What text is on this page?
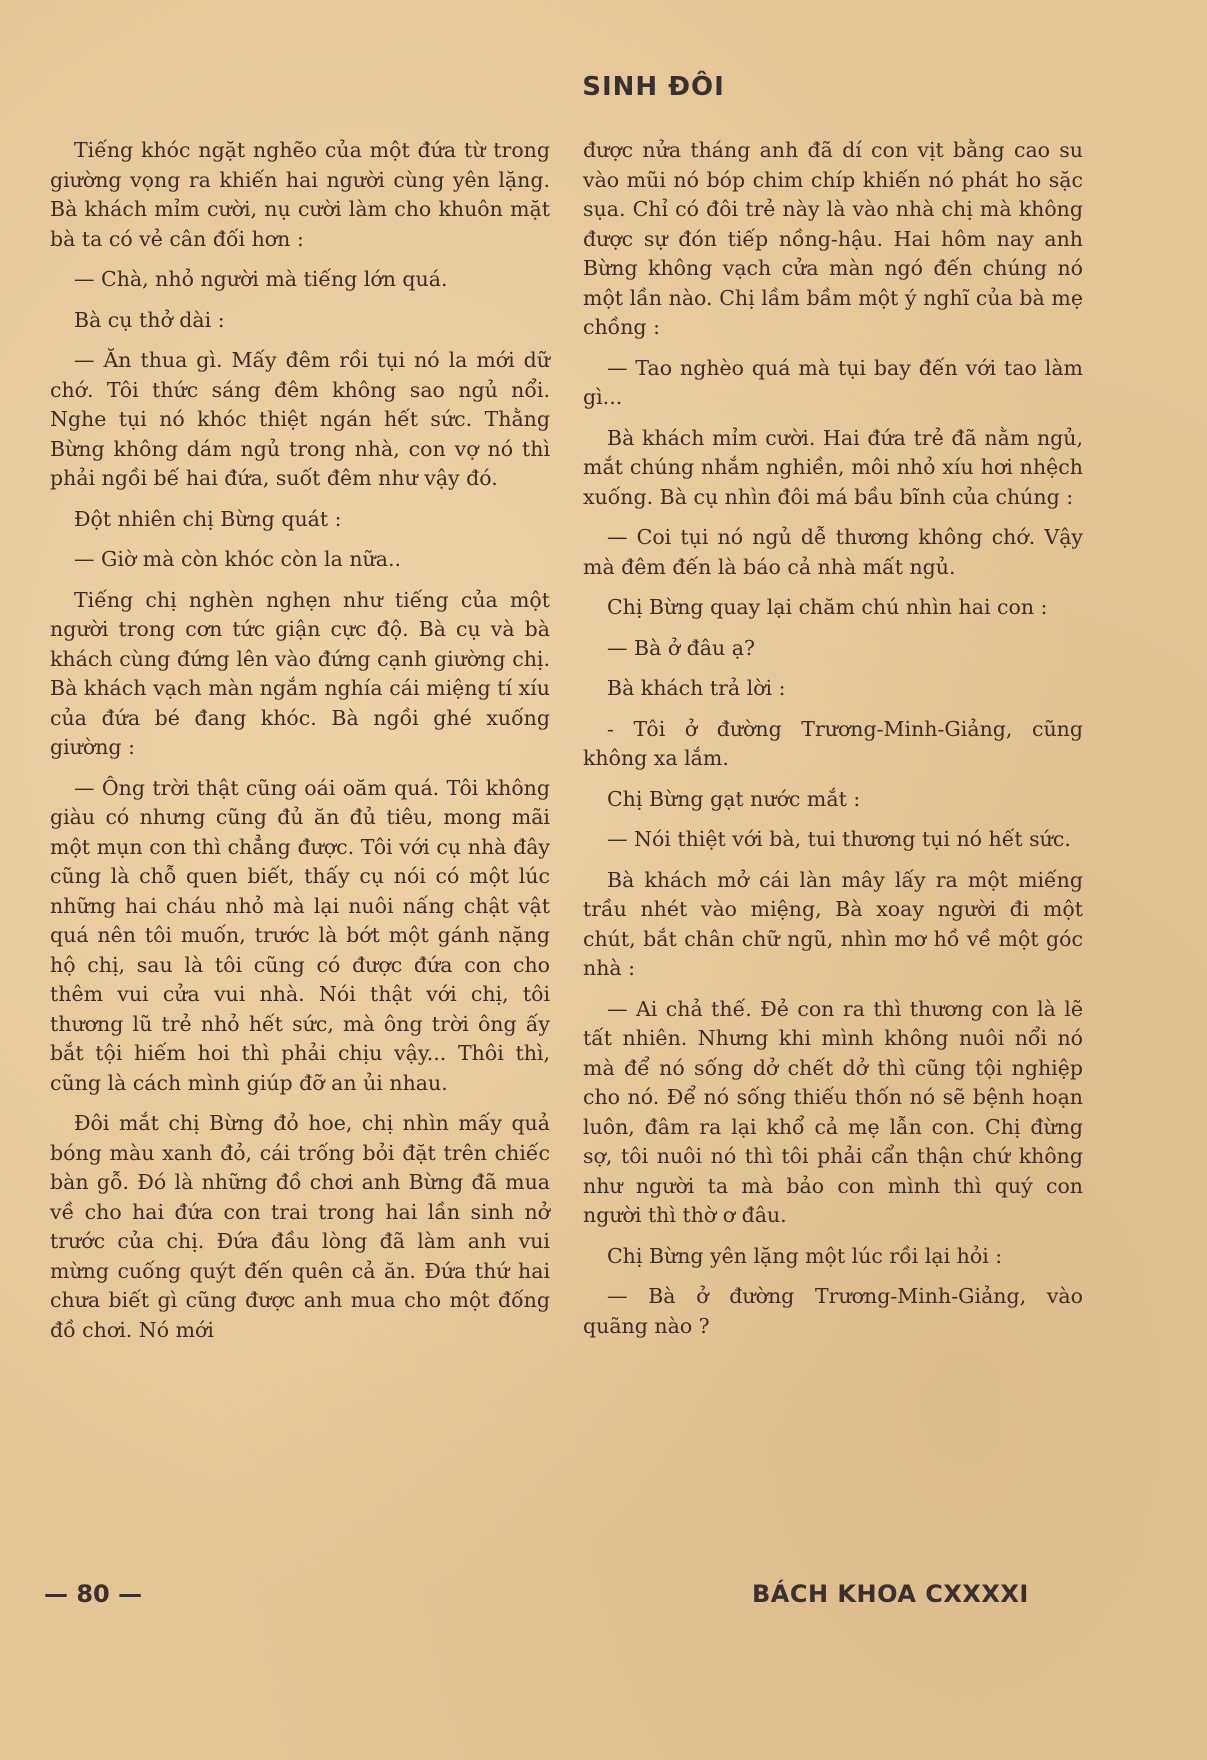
SINH ĐÔI

Tiếng khóc ngặt nghẽo của một đứa từ trong giường vọng ra khiến hai người cùng yên lặng. Bà khách mỉm cười, nụ cười làm cho khuôn mặt bà ta có vẻ cân đối hơn :

— Chà, nhỏ người mà tiếng lớn quá.

Bà cụ thở dài :

— Ăn thua gì. Mấy đêm rồi tụi nó la mới dữ chớ. Tôi thức sáng đêm không sao ngủ nổi. Nghe tụi nó khóc thiệt ngán hết sức. Thằng Bừng không dám ngủ trong nhà, con vợ nó thì phải ngồi bế hai đứa, suốt đêm như vậy đó.

Đột nhiên chị Bừng quát :

— Giờ mà còn khóc còn la nữa..

Tiếng chị nghèn nghẹn như tiếng của một người trong cơn tức giận cực độ. Bà cụ và bà khách cùng đứng lên vào đứng cạnh giường chị. Bà khách vạch màn ngắm nghía cái miệng tí xíu của đứa bé đang khóc. Bà ngồi ghé xuống giường :

— Ông trời thật cũng oái oăm quá. Tôi không giàu có nhưng cũng đủ ăn đủ tiêu, mong mãi một mụn con thì chẳng được. Tôi với cụ nhà đây cũng là chỗ quen biết, thấy cụ nói có một lúc những hai cháu nhỏ mà lại nuôi nấng chật vật quá nên tôi muốn, trước là bớt một gánh nặng hộ chị, sau là tôi cũng có được đứa con cho thêm vui cửa vui nhà. Nói thật với chị, tôi thương lũ trẻ nhỏ hết sức, mà ông trời ông ấy bắt tội hiếm hoi thì phải chịu vậy... Thôi thì, cũng là cách mình giúp đỡ an ủi nhau.

Đôi mắt chị Bừng đỏ hoe, chị nhìn mấy quả bóng màu xanh đỏ, cái trống bỏi đặt trên chiếc bàn gỗ. Đó là những đồ chơi anh Bừng đã mua về cho hai đứa con trai trong hai lần sinh nở trước của chị. Đứa đầu lòng đã làm anh vui mừng cuống quýt đến quên cả ăn. Đứa thứ hai chưa biết gì cũng được anh mua cho một đống đồ chơi. Nó mới

được nửa tháng anh đã dí con vịt bằng cao su vào mũi nó bóp chim chíp khiến nó phát ho sặc sụa. Chỉ có đôi trẻ này là vào nhà chị mà không được sự đón tiếp nồng-hậu. Hai hôm nay anh Bừng không vạch cửa màn ngó đến chúng nó một lần nào. Chị lầm bầm một ý nghĩ của bà mẹ chồng :

— Tao nghèo quá mà tụi bay đến với tao làm gì...

Bà khách mỉm cười. Hai đứa trẻ đã nằm ngủ, mắt chúng nhắm nghiền, môi nhỏ xíu hơi nhệch xuống. Bà cụ nhìn đôi má bầu bĩnh của chúng :

— Coi tụi nó ngủ dễ thương không chớ. Vậy mà đêm đến là báo cả nhà mất ngủ.

Chị Bừng quay lại chăm chú nhìn hai con :

— Bà ở đâu ạ?

Bà khách trả lời :

- Tôi ở đường Trương-Minh-Giảng, cũng không xa lắm.

Chị Bừng gạt nước mắt :

— Nói thiệt với bà, tui thương tụi nó hết sức.

Bà khách mở cái làn mây lấy ra một miếng trầu nhét vào miệng, Bà xoay người đi một chút, bắt chân chữ ngũ, nhìn mơ hồ về một góc nhà :

— Ai chả thế. Đẻ con ra thì thương con là lẽ tất nhiên. Nhưng khi mình không nuôi nổi nó mà để nó sống dở chết dở thì cũng tội nghiệp cho nó. Để nó sống thiếu thốn nó sẽ bệnh hoạn luôn, đâm ra lại khổ cả mẹ lẫn con. Chị đừng sợ, tôi nuôi nó thì tôi phải cẩn thận chứ không như người ta mà bảo con mình thì quý con người thì thờ ơ đâu.

Chị Bừng yên lặng một lúc rồi lại hỏi :

— Bà ở đường Trương-Minh-Giảng, vào quãng nào ?

— 80 —	BÁCH KHOA CXXXXI
